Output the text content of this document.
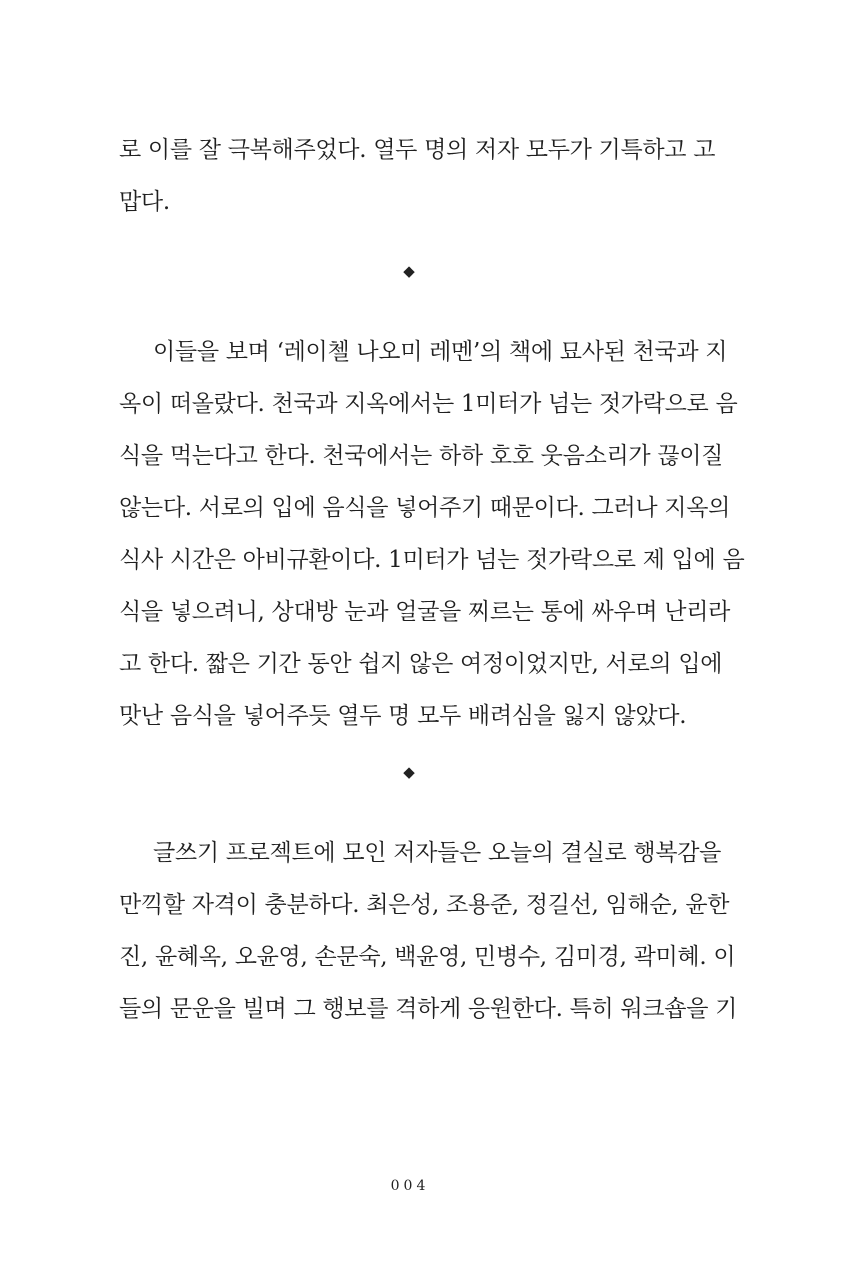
로 이를 잘 극복해주었다. 열두 명의 저자 모두가 기특하고 고
맙다.
◆
이들을 보며 ‘레이첼 나오미 레멘’의 책에 묘사된 천국과 지
옥이 떠올랐다. 천국과 지옥에서는 1미터가 넘는 젓가락으로 음
식을 먹는다고 한다. 천국에서는 하하 호호 웃음소리가 끊이질
않는다. 서로의 입에 음식을 넣어주기 때문이다. 그러나 지옥의
식사 시간은 아비규환이다. 1미터가 넘는 젓가락으로 제 입에 음
식을 넣으려니, 상대방 눈과 얼굴을 찌르는 통에 싸우며 난리라
고 한다. 짧은 기간 동안 쉽지 않은 여정이었지만, 서로의 입에
맛난 음식을 넣어주듯 열두 명 모두 배려심을 잃지 않았다.
◆
글쓰기 프로젝트에 모인 저자들은 오늘의 결실로 행복감을
만끽할 자격이 충분하다. 최은성, 조용준, 정길선, 임해순, 윤한
진, 윤혜옥, 오윤영, 손문숙, 백윤영, 민병수, 김미경, 곽미혜. 이
들의 문운을 빌며 그 행보를 격하게 응원한다. 특히 워크숍을 기
004
